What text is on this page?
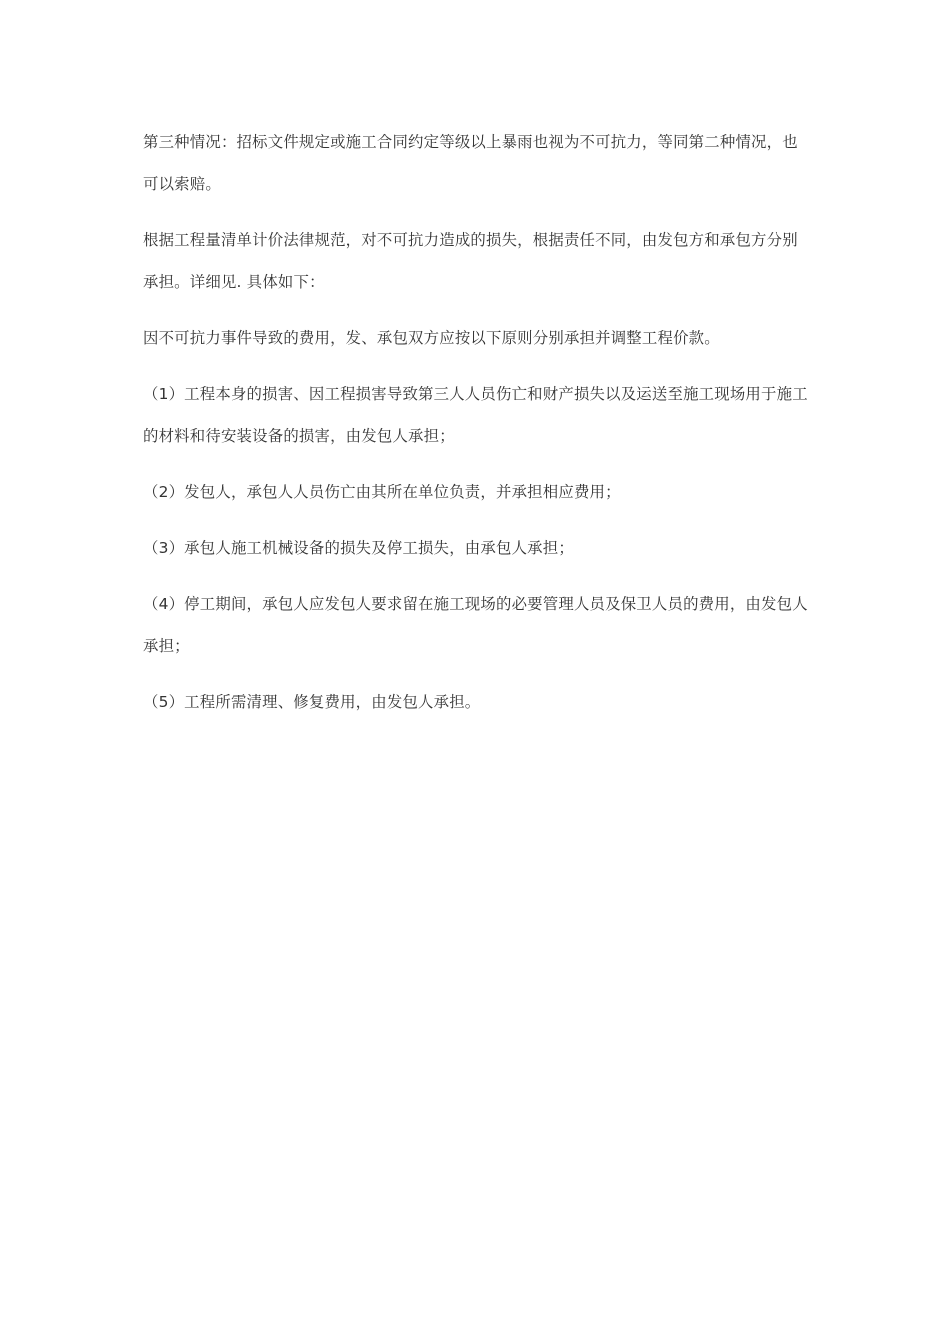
第三种情况：招标文件规定或施工合同约定等级以上暴雨也视为不可抗力，等同第二种情况，也可以索赔。

根据工程量清单计价法律规范，对不可抗力造成的损失，根据责任不同，由发包方和承包方分别承担。详细见. 具体如下：

因不可抗力事件导致的费用，发、承包双方应按以下原则分别承担并调整工程价款。

（1）工程本身的损害、因工程损害导致第三人人员伤亡和财产损失以及运送至施工现场用于施工的材料和待安装设备的损害，由发包人承担；

（2）发包人，承包人人员伤亡由其所在单位负责，并承担相应费用；

（3）承包人施工机械设备的损失及停工损失，由承包人承担；

（4）停工期间，承包人应发包人要求留在施工现场的必要管理人员及保卫人员的费用，由发包人承担；

（5）工程所需清理、修复费用，由发包人承担。
